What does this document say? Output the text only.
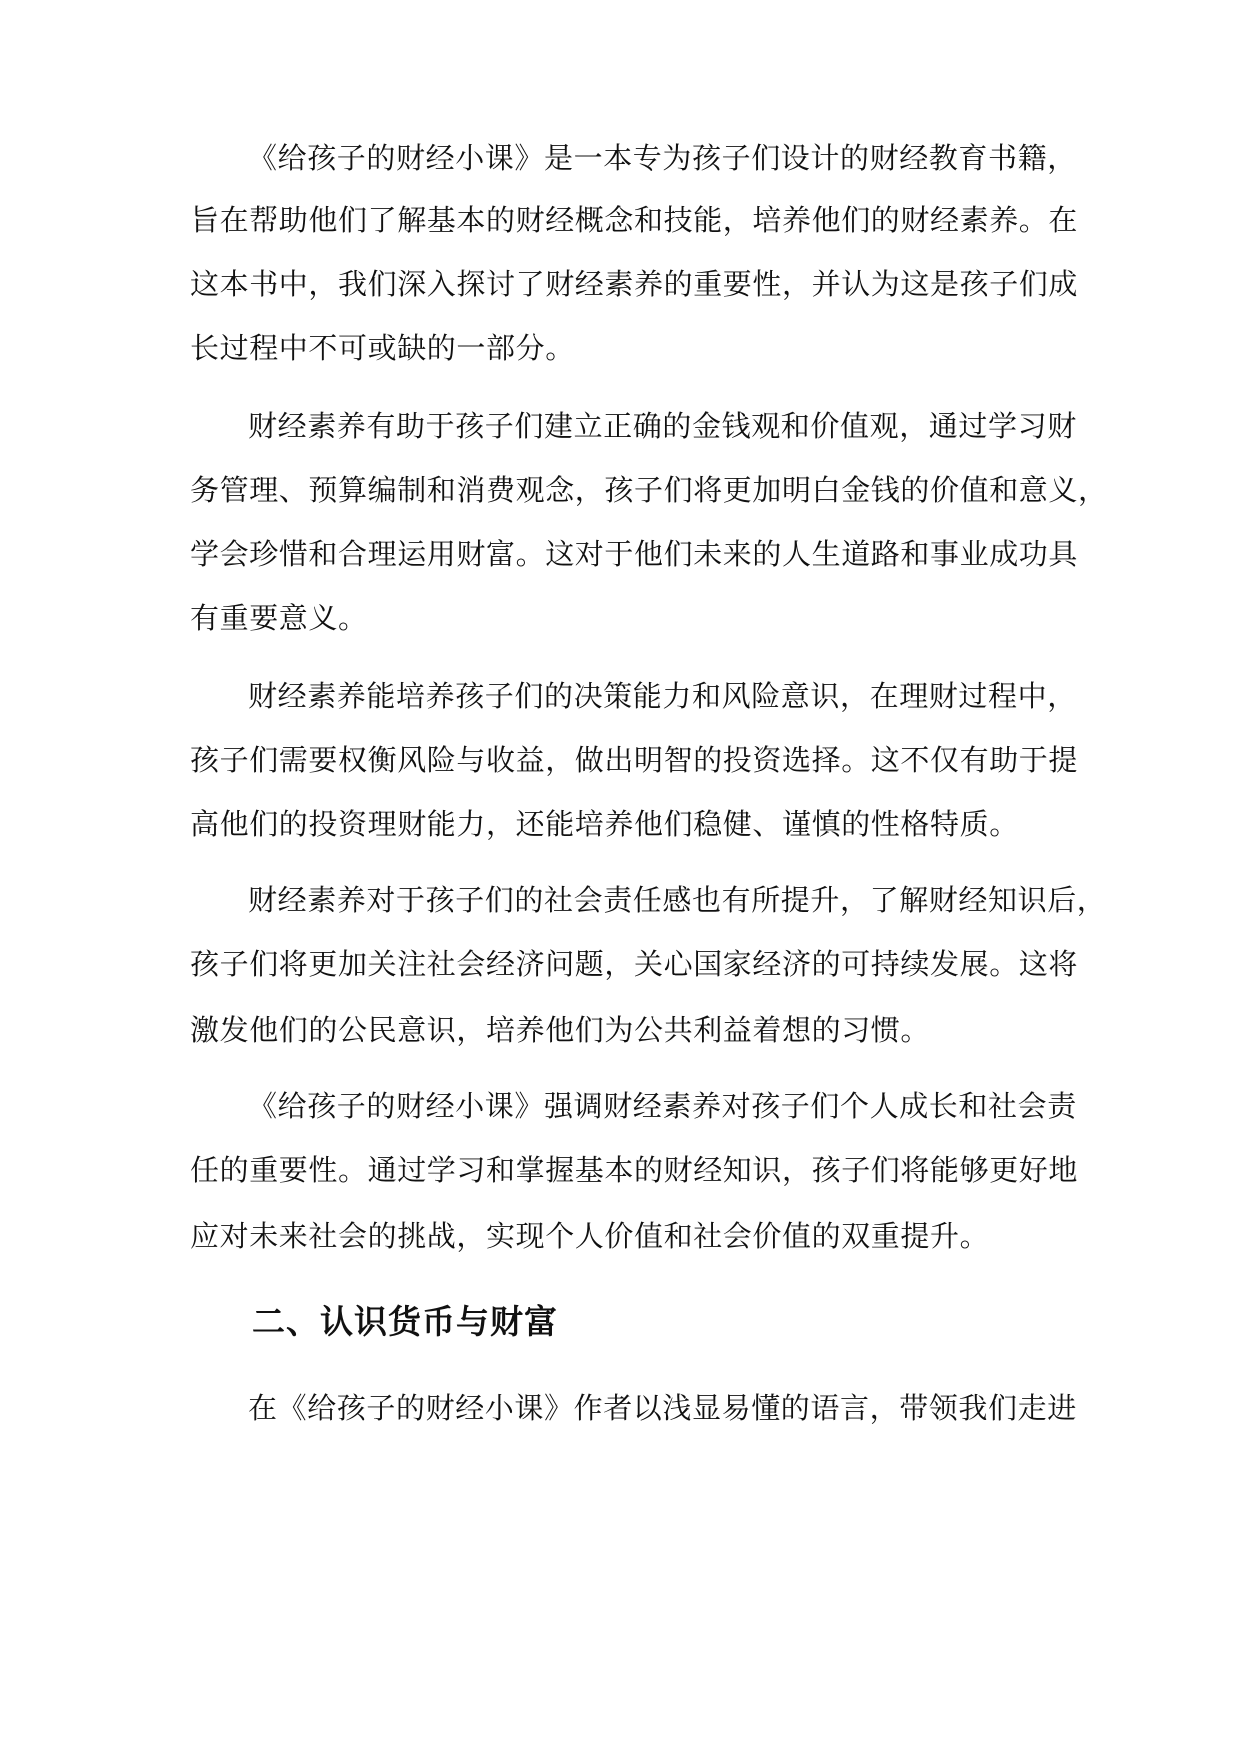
《给孩子的财经小课》是一本专为孩子们设计的财经教育书籍，
旨在帮助他们了解基本的财经概念和技能，培养他们的财经素养。在
这本书中，我们深入探讨了财经素养的重要性，并认为这是孩子们成
长过程中不可或缺的一部分。
财经素养有助于孩子们建立正确的金钱观和价值观，通过学习财
务管理、预算编制和消费观念，孩子们将更加明白金钱的价值和意义，
学会珍惜和合理运用财富。这对于他们未来的人生道路和事业成功具
有重要意义。
财经素养能培养孩子们的决策能力和风险意识，在理财过程中，
孩子们需要权衡风险与收益，做出明智的投资选择。这不仅有助于提
高他们的投资理财能力，还能培养他们稳健、谨慎的性格特质。
财经素养对于孩子们的社会责任感也有所提升，了解财经知识后，
孩子们将更加关注社会经济问题，关心国家经济的可持续发展。这将
激发他们的公民意识，培养他们为公共利益着想的习惯。
《给孩子的财经小课》强调财经素养对孩子们个人成长和社会责
任的重要性。通过学习和掌握基本的财经知识，孩子们将能够更好地
应对未来社会的挑战，实现个人价值和社会价值的双重提升。
二、认识货币与财富
在《给孩子的财经小课》作者以浅显易懂的语言，带领我们走进
